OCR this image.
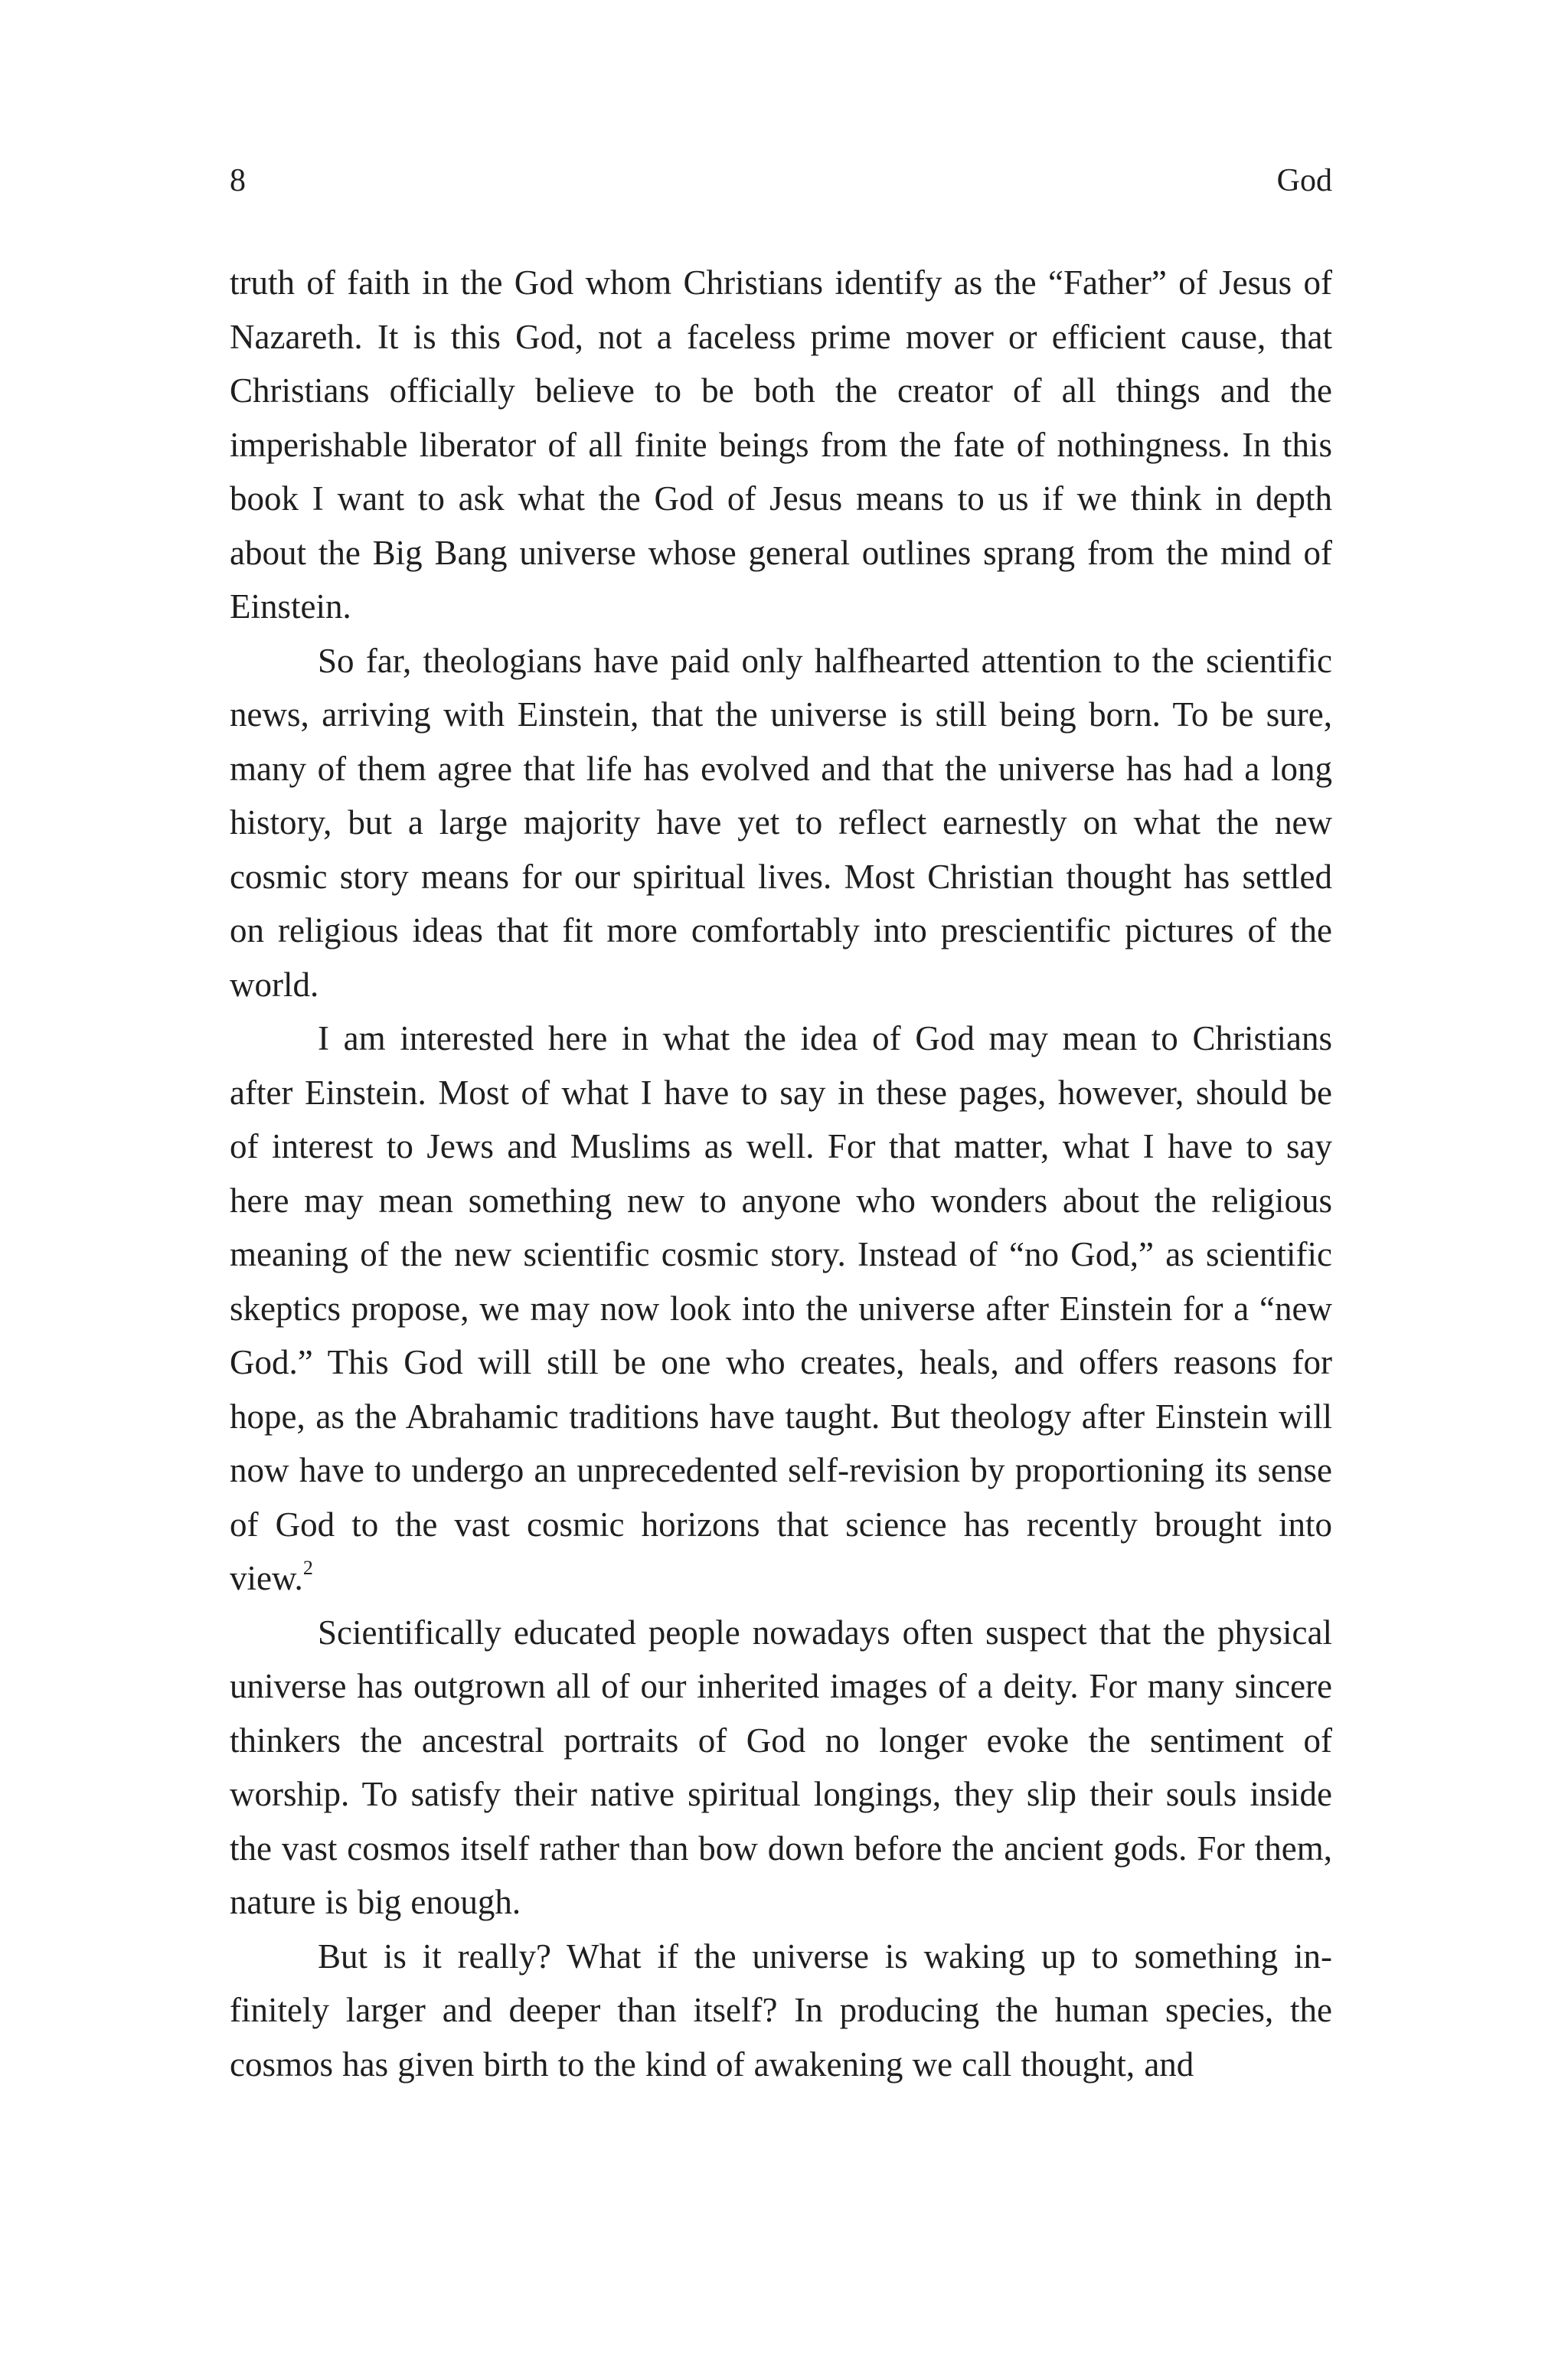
8	God

truth of faith in the God whom Christians identify as the “Father” of Jesus of Nazareth. It is this God, not a faceless prime mover or efficient cause, that Christians officially believe to be both the creator of all things and the imperishable liberator of all finite beings from the fate of nothingness. In this book I want to ask what the God of Jesus means to us if we think in depth about the Big Bang universe whose general outlines sprang from the mind of Einstein.

So far, theologians have paid only halfhearted attention to the scientific news, arriving with Einstein, that the universe is still being born. To be sure, many of them agree that life has evolved and that the universe has had a long history, but a large majority have yet to reflect earnestly on what the new cosmic story means for our spiritual lives. Most Christian thought has settled on religious ideas that fit more comfortably into prescientific pictures of the world.

I am interested here in what the idea of God may mean to Christians after Einstein. Most of what I have to say in these pages, however, should be of interest to Jews and Muslims as well. For that matter, what I have to say here may mean something new to anyone who wonders about the religious meaning of the new scientific cosmic story. Instead of “no God,” as scientific skeptics propose, we may now look into the universe after Einstein for a “new God.” This God will still be one who creates, heals, and offers reasons for hope, as the Abrahamic traditions have taught. But theology after Einstein will now have to undergo an unprecedented self-revision by proportioning its sense of God to the vast cosmic horizons that science has recently brought into view.$^2$

Scientifically educated people nowadays often suspect that the physical universe has outgrown all of our inherited images of a deity. For many sincere thinkers the ancestral portraits of God no longer evoke the sentiment of worship. To satisfy their native spiritual longings, they slip their souls inside the vast cosmos itself rather than bow down before the ancient gods. For them, nature is big enough.

But is it really? What if the universe is waking up to something infinitely larger and deeper than itself? In producing the human species, the cosmos has given birth to the kind of awakening we call thought, and
